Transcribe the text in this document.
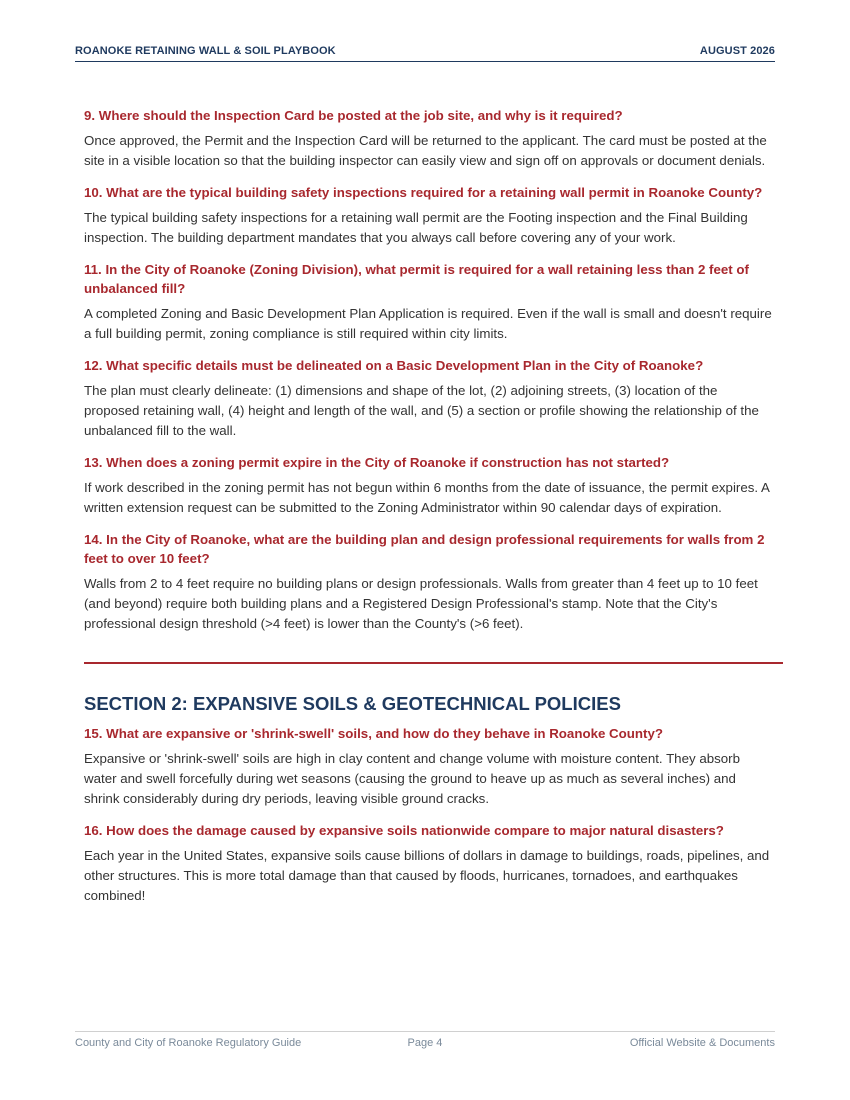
ROANOKE RETAINING WALL & SOIL PLAYBOOK	AUGUST 2026

9. Where should the Inspection Card be posted at the job site, and why is it required?

Once approved, the Permit and the Inspection Card will be returned to the applicant. The card must be posted at the site in a visible location so that the building inspector can easily view and sign off on approvals or document denials.

10. What are the typical building safety inspections required for a retaining wall permit in Roanoke County?

The typical building safety inspections for a retaining wall permit are the Footing inspection and the Final Building inspection. The building department mandates that you always call before covering any of your work.

11. In the City of Roanoke (Zoning Division), what permit is required for a wall retaining less than 2 feet of unbalanced fill?

A completed Zoning and Basic Development Plan Application is required. Even if the wall is small and doesn't require a full building permit, zoning compliance is still required within city limits.

12. What specific details must be delineated on a Basic Development Plan in the City of Roanoke?

The plan must clearly delineate: (1) dimensions and shape of the lot, (2) adjoining streets, (3) location of the proposed retaining wall, (4) height and length of the wall, and (5) a section or profile showing the relationship of the unbalanced fill to the wall.

13. When does a zoning permit expire in the City of Roanoke if construction has not started?

If work described in the zoning permit has not begun within 6 months from the date of issuance, the permit expires. A written extension request can be submitted to the Zoning Administrator within 90 calendar days of expiration.

14. In the City of Roanoke, what are the building plan and design professional requirements for walls from 2 feet to over 10 feet?

Walls from 2 to 4 feet require no building plans or design professionals. Walls from greater than 4 feet up to 10 feet (and beyond) require both building plans and a Registered Design Professional's stamp. Note that the City's professional design threshold (>4 feet) is lower than the County's (>6 feet).

SECTION 2: EXPANSIVE SOILS & GEOTECHNICAL POLICIES

15. What are expansive or 'shrink-swell' soils, and how do they behave in Roanoke County?

Expansive or 'shrink-swell' soils are high in clay content and change volume with moisture content. They absorb water and swell forcefully during wet seasons (causing the ground to heave up as much as several inches) and shrink considerably during dry periods, leaving visible ground cracks.

16. How does the damage caused by expansive soils nationwide compare to major natural disasters?

Each year in the United States, expansive soils cause billions of dollars in damage to buildings, roads, pipelines, and other structures. This is more total damage than that caused by floods, hurricanes, tornadoes, and earthquakes combined!

County and City of Roanoke Regulatory Guide	Page 4	Official Website & Documents
